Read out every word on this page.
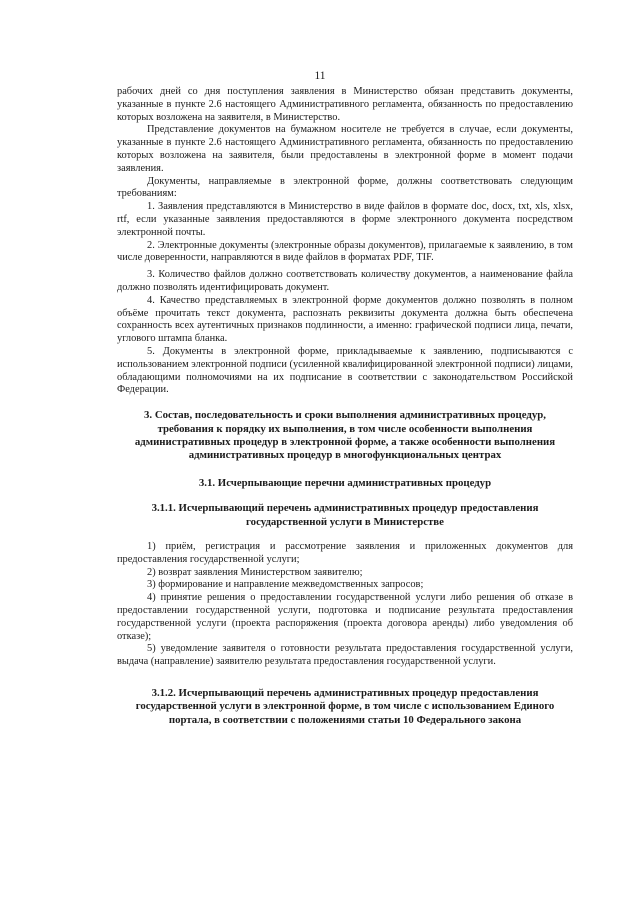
11

рабочих дней со дня поступления заявления в Министерство обязан представить документы, указанные в пункте 2.6 настоящего Административного регламента, обязанность по предоставлению которых возложена на заявителя, в Министерство.

Представление документов на бумажном носителе не требуется в случае, если документы, указанные в пункте 2.6 настоящего Административного регламента, обязанность по предоставлению которых возложена на заявителя, были предоставлены в электронной форме в момент подачи заявления.

Документы, направляемые в электронной форме, должны соответствовать следующим требованиям:

1. Заявления представляются в Министерство в виде файлов в формате doc, docx, txt, xls, xlsx, rtf, если указанные заявления предоставляются в форме электронного документа посредством электронной почты.

2. Электронные документы (электронные образы документов), прилагаемые к заявлению, в том числе доверенности, направляются в виде файлов в форматах PDF, TIF.

3. Количество файлов должно соответствовать количеству документов, а наименование файла должно позволять идентифицировать документ.

4. Качество представляемых в электронной форме документов должно позволять в полном объёме прочитать текст документа, распознать реквизиты документа должна быть обеспечена сохранность всех аутентичных признаков подлинности, а именно: графической подписи лица, печати, углового штампа бланка.

5. Документы в электронной форме, прикладываемые к заявлению, подписываются с использованием электронной подписи (усиленной квалифицированной электронной подписи) лицами, обладающими полномочиями на их подписание в соответствии с законодательством Российской Федерации.

3. Состав, последовательность и сроки выполнения административных процедур, требования к порядку их выполнения, в том числе особенности выполнения административных процедур в электронной форме, а также особенности выполнения административных процедур в многофункциональных центрах

3.1. Исчерпывающие перечни административных процедур

3.1.1. Исчерпывающий перечень административных процедур предоставления государственной услуги в Министерстве

1) приём, регистрация и рассмотрение заявления и приложенных документов для предоставления государственной услуги;

2) возврат заявления Министерством заявителю;

3) формирование и направление межведомственных запросов;

4) принятие решения о предоставлении государственной услуги либо решения об отказе в предоставлении государственной услуги, подготовка и подписание результата предоставления государственной услуги (проекта распоряжения (проекта договора аренды) либо уведомления об отказе);

5) уведомление заявителя о готовности результата предоставления государственной услуги, выдача (направление) заявителю результата предоставления государственной услуги.

3.1.2. Исчерпывающий перечень административных процедур предоставления государственной услуги в электронной форме, в том числе с использованием Единого портала, в соответствии с положениями статьи 10 Федерального закона
